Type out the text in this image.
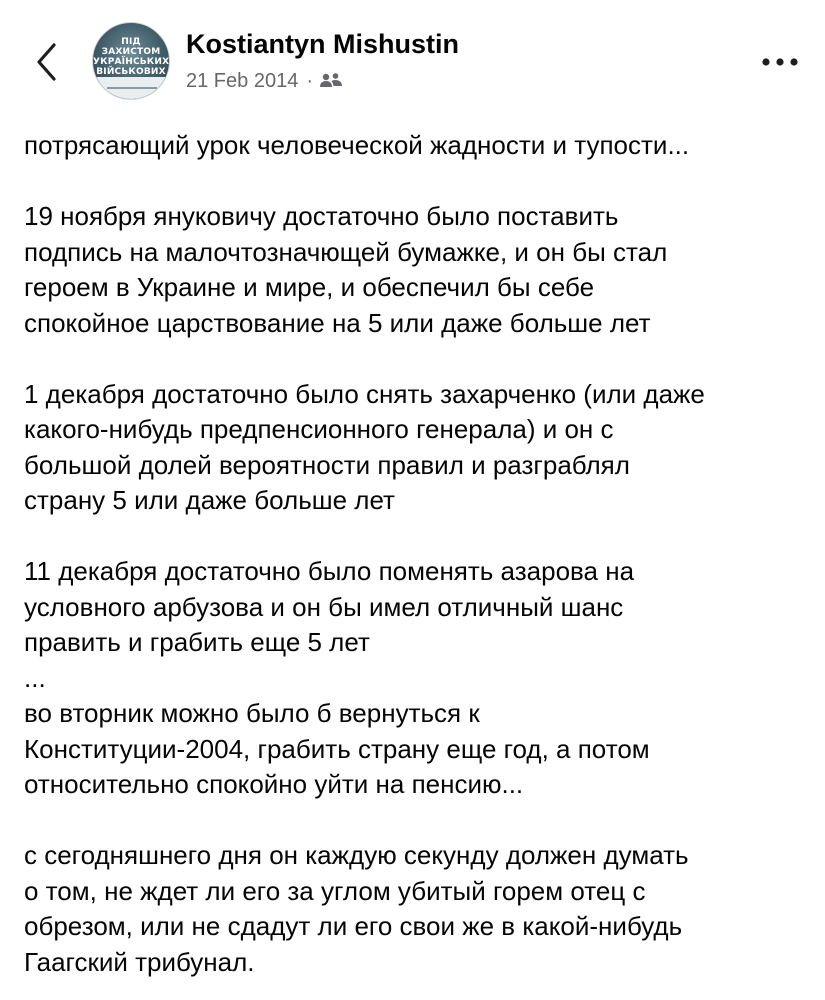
ПІД ЗАХИСТОМ
УКРАЇНСЬКИХ
ВІЙСЬКОВИХ
Kostiantyn Mishustin
21 Feb 2014 ·
потрясающий урок человеческой жадности и тупости...
19 ноября януковичу достаточно было поставить
подпись на малочтозначющей бумажке, и он бы стал
героем в Украине и мире, и обеспечил бы себе
спокойное царствование на 5 или даже больше лет
1 декабря достаточно было снять захарченко (или даже
какого-нибудь предпенсионного генерала) и он с
большой долей вероятности правил и разграблял
страну 5 или даже больше лет
11 декабря достаточно было поменять азарова на
условного арбузова и он бы имел отличный шанс
править и грабить еще 5 лет
...
во вторник можно было б вернуться к
Конституции-2004, грабить страну еще год, а потом
относительно спокойно уйти на пенсию...
с сегодняшнего дня он каждую секунду должен думать
о том, не ждет ли его за углом убитый горем отец с
обрезом, или не сдадут ли его свои же в какой-нибудь
Гаагский трибунал.
